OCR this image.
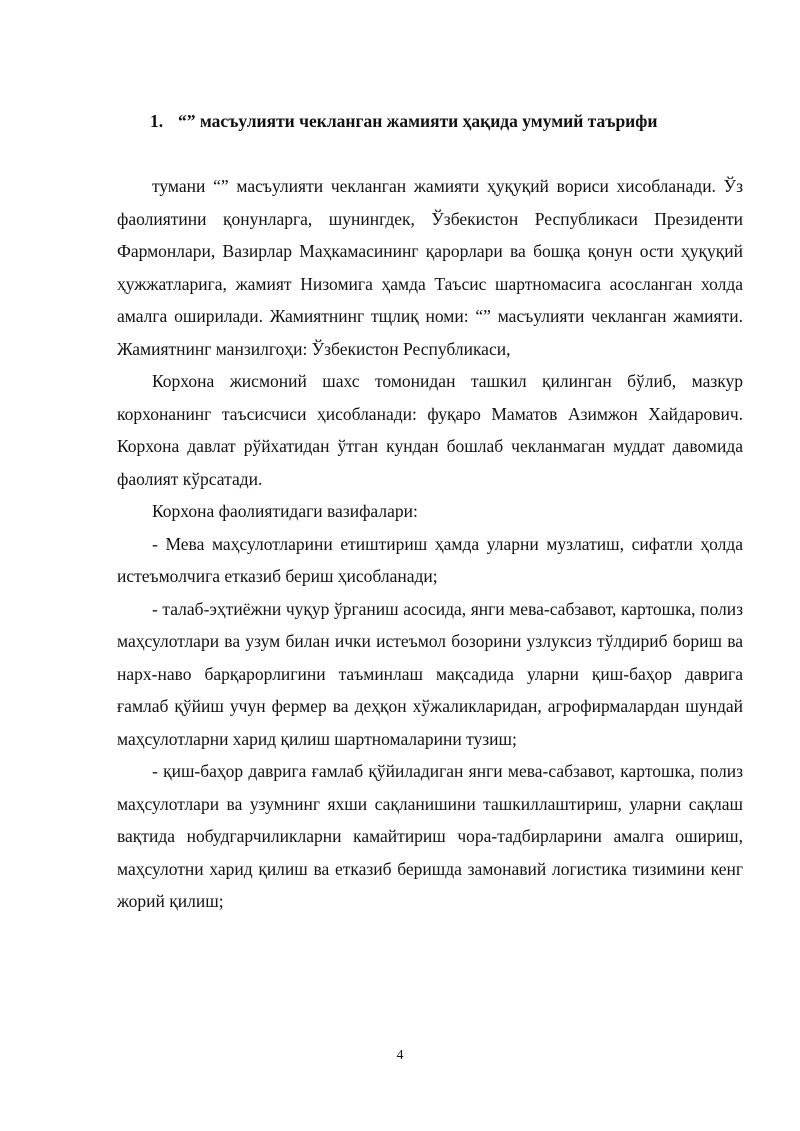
1. “” масъулияти чекланган жамияти ҳақида умумий таърифи

тумани “” масъулияти чекланган жамияти ҳуқуқий вориси хисобланади. Ўз фаолиятини қонунларга, шунингдек, Ўзбекистон Республикаси Президенти Фармонлари, Вазирлар Маҳкамасининг қарорлари ва бошқа қонун ости ҳуқуқий ҳужжатларига, жамият Низомига ҳамда Таъсис шартномасига асосланган холда амалга оширилади. Жамиятнинг тщлиқ номи: “” масъулияти чекланган жамияти. Жамиятнинг манзилгоҳи: Ўзбекистон Республикаси,

Корхона жисмоний шахс томонидан ташкил қилинган бўлиб, мазкур корхонанинг таъсисчиси ҳисобланади: фуқаро Маматов Азимжон Хайдарович. Корхона давлат рўйхатидан ўтган кундан бошлаб чекланмаган муддат давомида фаолият кўрсатади.

Корхона фаолиятидаги вазифалари:

- Мева маҳсулотларини етиштириш ҳамда уларни музлатиш, сифатли ҳолда истеъмолчига етказиб бериш ҳисобланади;

- талаб-эҳтиёжни чуқур ўрганиш асосида, янги мева-сабзавот, картошка, полиз маҳсулотлари ва узум билан ички истеъмол бозорини узлуксиз тўлдириб бориш ва нарх-наво барқарорлигини таъминлаш мақсадида уларни қиш-баҳор даврига ғамлаб қўйиш учун фермер ва деҳқон хўжаликларидан, агрофирмалардан шундай маҳсулотларни харид қилиш шартномаларини тузиш;

- қиш-баҳор даврига ғамлаб қўйиладиган янги мева-сабзавот, картошка, полиз маҳсулотлари ва узумнинг яхши сақланишини ташкиллаштириш, уларни сақлаш вақтида нобудгарчиликларни камайтириш чора-тадбирларини амалга ошириш, маҳсулотни харид қилиш ва етказиб беришда замонавий логистика тизимини кенг жорий қилиш;

4
